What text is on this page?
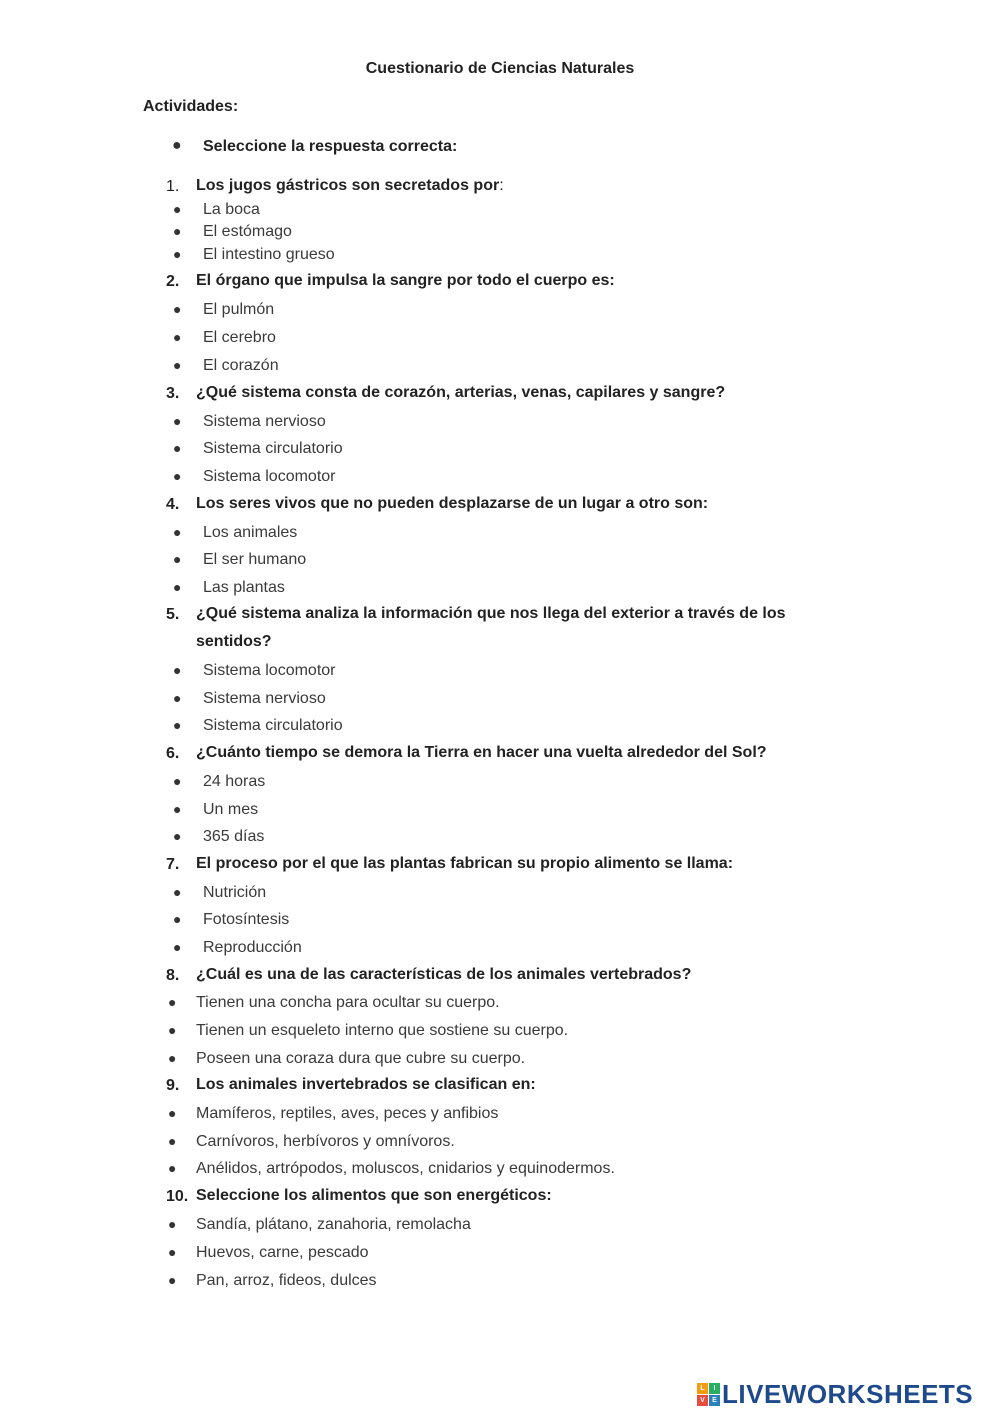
Cuestionario de Ciencias Naturales
Actividades:
● Seleccione la respuesta correcta:
1. Los jugos gástricos son secretados por:
● La boca
● El estómago
● El intestino grueso
2. El órgano que impulsa la sangre por todo el cuerpo es:
● El pulmón
● El cerebro
● El corazón
3. ¿Qué sistema consta de corazón, arterias, venas, capilares y sangre?
● Sistema nervioso
● Sistema circulatorio
● Sistema locomotor
4. Los seres vivos que no pueden desplazarse de un lugar a otro son:
● Los animales
● El ser humano
● Las plantas
5. ¿Qué sistema analiza la información que nos llega del exterior a través de los sentidos?
● Sistema locomotor
● Sistema nervioso
● Sistema circulatorio
6. ¿Cuánto tiempo se demora la Tierra en hacer una vuelta alrededor del Sol?
● 24 horas
● Un mes
● 365 días
7. El proceso por el que las plantas fabrican su propio alimento se llama:
● Nutrición
● Fotosíntesis
● Reproducción
8. ¿Cuál es una de las características de los animales vertebrados?
● Tienen una concha para ocultar su cuerpo.
● Tienen un esqueleto interno que sostiene su cuerpo.
● Poseen una coraza dura que cubre su cuerpo.
9. Los animales invertebrados se clasifican en:
● Mamíferos, reptiles, aves, peces y anfibios
● Carnívoros, herbívoros y omnívoros.
● Anélidos, artrópodos, moluscos, cnidarios y equinodermos.
10. Seleccione los alimentos que son energéticos:
● Sandía, plátano, zanahoria, remolacha
● Huevos, carne, pescado
● Pan, arroz, fideos, dulces
L	I
V	E LIVEWORKSHEETS
